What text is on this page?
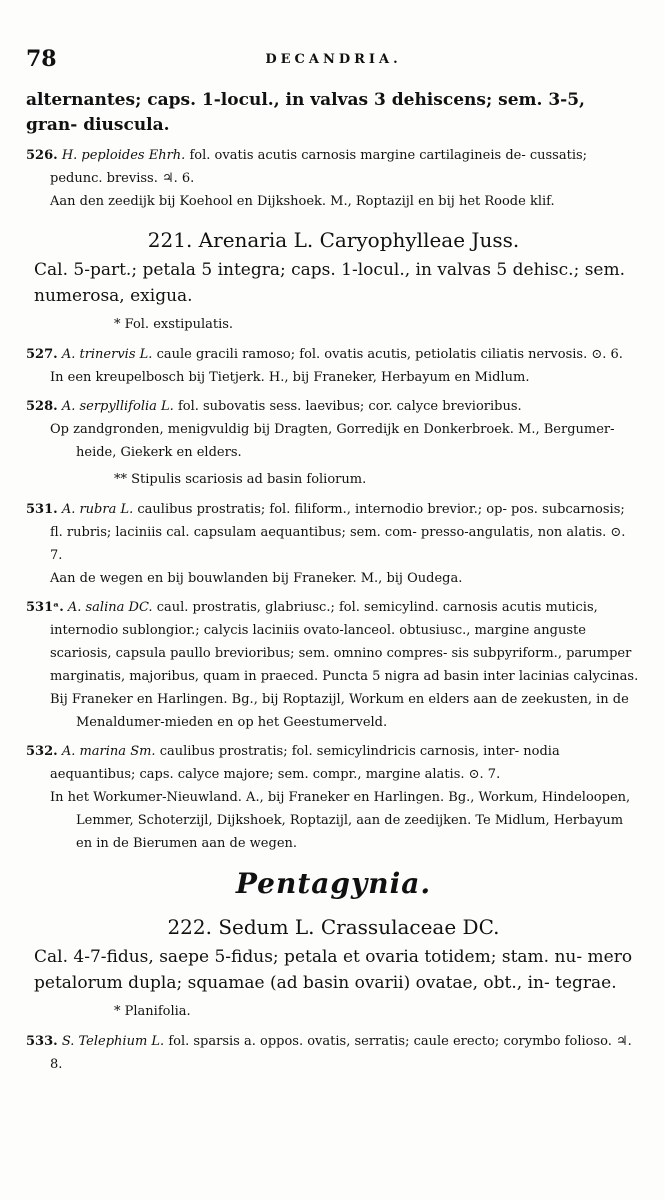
78	DECANDRIA.

alternantes; caps. 1-locul., in valvas 3 dehiscens; sem. 3-5, gran- diuscula.

526. H. peploides Ehrh. fol. ovatis acutis carnosis margine cartilagineis de- cussatis; pedunc. breviss. ♃. 6.

Aan den zeedijk bij Koehool en Dijkshoek. M., Roptazijl en bij het Roode klif.

221. Arenaria L. Caryophylleae Juss.

Cal. 5-part.; petala 5 integra; caps. 1-locul., in valvas 5 dehisc.; sem. numerosa, exigua.

* Fol. exstipulatis.

527. A. trinervis L. caule gracili ramoso; fol. ovatis acutis, petiolatis ciliatis nervosis. ⊙. 6.

In een kreupelbosch bij Tietjerk. H., bij Franeker, Herbayum en Midlum.

528. A. serpyllifolia L. fol. subovatis sess. laevibus; cor. calyce brevioribus.

Op zandgronden, menigvuldig bij Dragten, Gorredijk en Donkerbroek. M., Bergumer-heide, Giekerk en elders.

** Stipulis scariosis ad basin foliorum.

531. A. rubra L. caulibus prostratis; fol. filiform., internodio brevior.; op- pos. subcarnosis; fl. rubris; laciniis cal. capsulam aequantibus; sem. com- presso-angulatis, non alatis. ⊙. 7.

Aan de wegen en bij bouwlanden bij Franeker. M., bij Oudega.

531ᵃ. A. salina DC. caul. prostratis, glabriusc.; fol. semicylind. carnosis acutis muticis, internodio sublongior.; calycis laciniis ovato-lanceol. obtusiusc., margine anguste scariosis, capsula paullo brevioribus; sem. omnino compres- sis subpyriform., parumper marginatis, majoribus, quam in praeced. Puncta 5 nigra ad basin inter lacinias calycinas.

Bij Franeker en Harlingen. Bg., bij Roptazijl, Workum en elders aan de zeekusten, in de Menaldumer-mieden en op het Geestumerveld.

532. A. marina Sm. caulibus prostratis; fol. semicylindricis carnosis, inter- nodia aequantibus; caps. calyce majore; sem. compr., margine alatis. ⊙. 7.

In het Workumer-Nieuwland. A., bij Franeker en Harlingen. Bg., Workum, Hindeloopen, Lemmer, Schoterzijl, Dijkshoek, Roptazijl, aan de zeedijken. Te Midlum, Herbayum en in de Bierumen aan de wegen.

Pentagynia.

222. Sedum L. Crassulaceae DC.

Cal. 4-7-fidus, saepe 5-fidus; petala et ovaria totidem; stam. nu- mero petalorum dupla; squamae (ad basin ovarii) ovatae, obt., in- tegrae.

* Planifolia.

533. S. Telephium L. fol. sparsis a. oppos. ovatis, serratis; caule erecto; corymbo folioso. ♃. 8.
